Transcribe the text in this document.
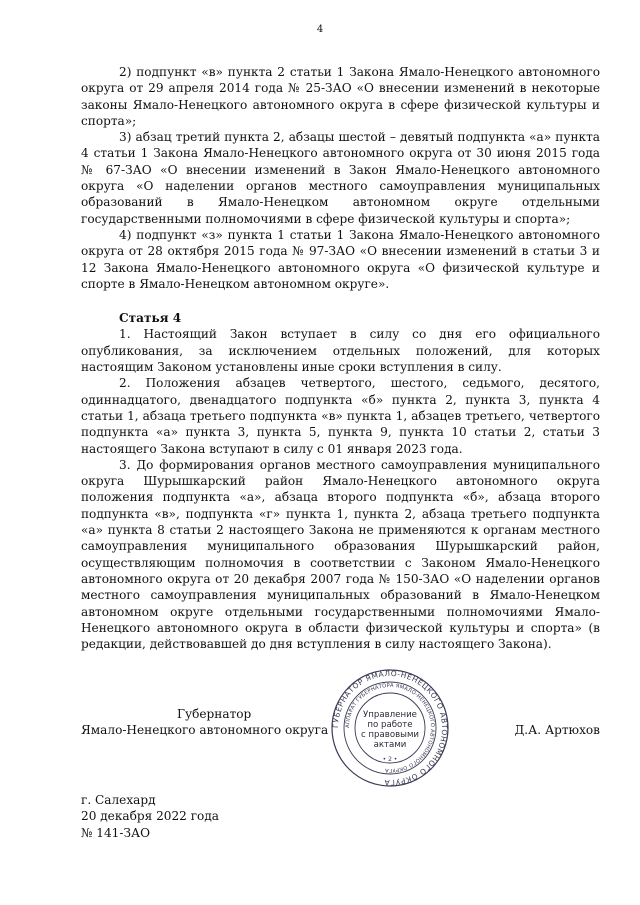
4

2) подпункт «в» пункта 2 статьи 1 Закона Ямало-Ненецкого автономного округа от 29 апреля 2014 года № 25-ЗАО «О внесении изменений в некоторые законы Ямало-Ненецкого автономного округа в сфере физической культуры и спорта»;

3) абзац третий пункта 2, абзацы шестой – девятый подпункта «а» пункта 4 статьи 1 Закона Ямало-Ненецкого автономного округа от 30 июня 2015 года № 67-ЗАО «О внесении изменений в Закон Ямало-Ненецкого автономного округа «О наделении органов местного самоуправления муниципальных образований в Ямало-Ненецком автономном округе отдельными государственными полномочиями в сфере физической культуры и спорта»;

4) подпункт «з» пункта 1 статьи 1 Закона Ямало-Ненецкого автономного округа от 28 октября 2015 года № 97-ЗАО «О внесении изменений в статьи 3 и 12 Закона Ямало-Ненецкого автономного округа «О физической культуре и спорте в Ямало-Ненецком автономном округе».

Статья 4

1. Настоящий Закон вступает в силу со дня его официального опубликования, за исключением отдельных положений, для которых настоящим Законом установлены иные сроки вступления в силу.

2. Положения абзацев четвертого, шестого, седьмого, десятого, одиннадцатого, двенадцатого подпункта «б» пункта 2, пункта 3, пункта 4 статьи 1, абзаца третьего подпункта «в» пункта 1, абзацев третьего, четвертого подпункта «а» пункта 3, пункта 5, пункта 9, пункта 10 статьи 2, статьи 3 настоящего Закона вступают в силу с 01 января 2023 года.

3. До формирования органов местного самоуправления муниципального округа Шурышкарский район Ямало-Ненецкого автономного округа положения подпункта «а», абзаца второго подпункта «б», абзаца второго подпункта «в», подпункта «г» пункта 1, пункта 2, абзаца третьего подпункта «а» пункта 8 статьи 2 настоящего Закона не применяются к органам местного самоуправления муниципального образования Шурышкарский район, осуществляющим полномочия в соответствии с Законом Ямало-Ненецкого автономного округа от 20 декабря 2007 года № 150-ЗАО «О наделении органов местного самоуправления муниципальных образований в Ямало-Ненецком автономном округе отдельными государственными полномочиями Ямало-Ненецкого автономного округа в области физической культуры и спорта» (в редакции, действовавшей до дня вступления в силу настоящего Закона).

Губернатор
Ямало-Ненецкого автономного округа	Д.А. Артюхов
ГУБЕРНАТОР ЯМАЛО-НЕНЕЦКОГО АВТОНОМНОГО ОКРУГА
АППАРАТ ГУБЕРНАТОРА ЯМАЛО-НЕНЕЦКОГО АВТОНОМНОГО ОКРУГА
• 2 •
Управление
по работе
с правовыми
актами
г. Салехард
20 декабря 2022 года
№ 141-ЗАО
